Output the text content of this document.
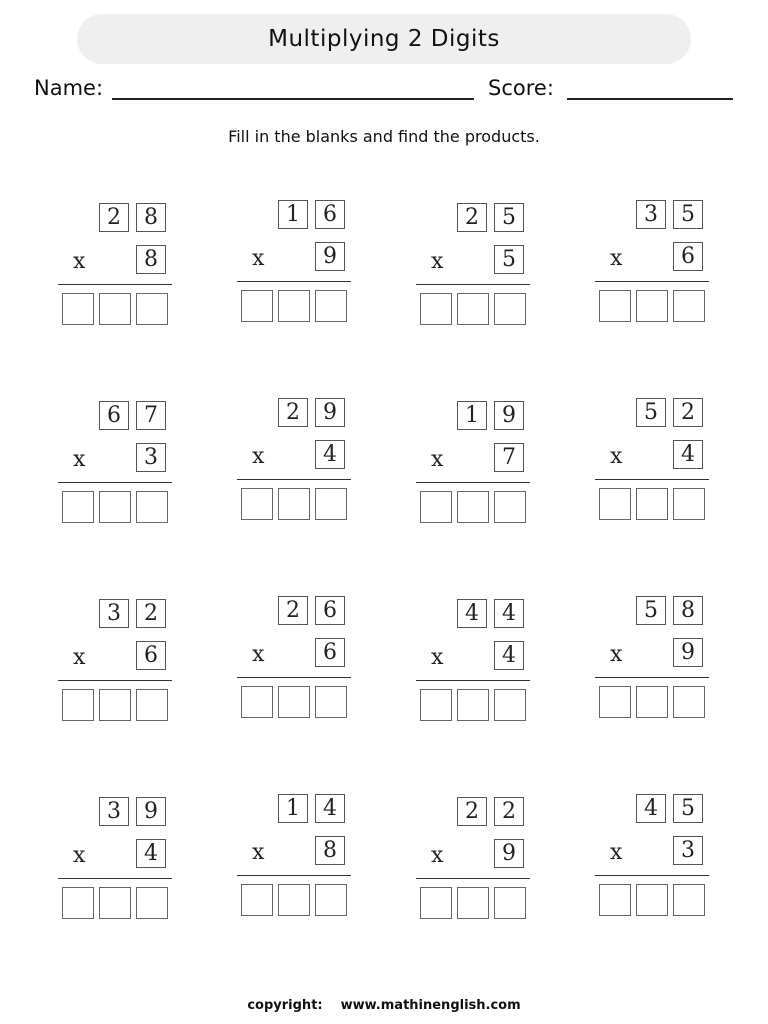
Multiplying 2 Digits
Name:	Score:
Fill in the blanks and find the products.
2	8
x	8
1	6
x	9
2	5
x	5
3	5
x	6
6	7
x	3
2	9
x	4
1	9
x	7
5	2
x	4
3	2
x	6
2	6
x	6
4	4
x	4
5	8
x	9
3	9
x	4
1	4
x	8
2	2
x	9
4	5
x	3
copyright: www.mathinenglish.com
